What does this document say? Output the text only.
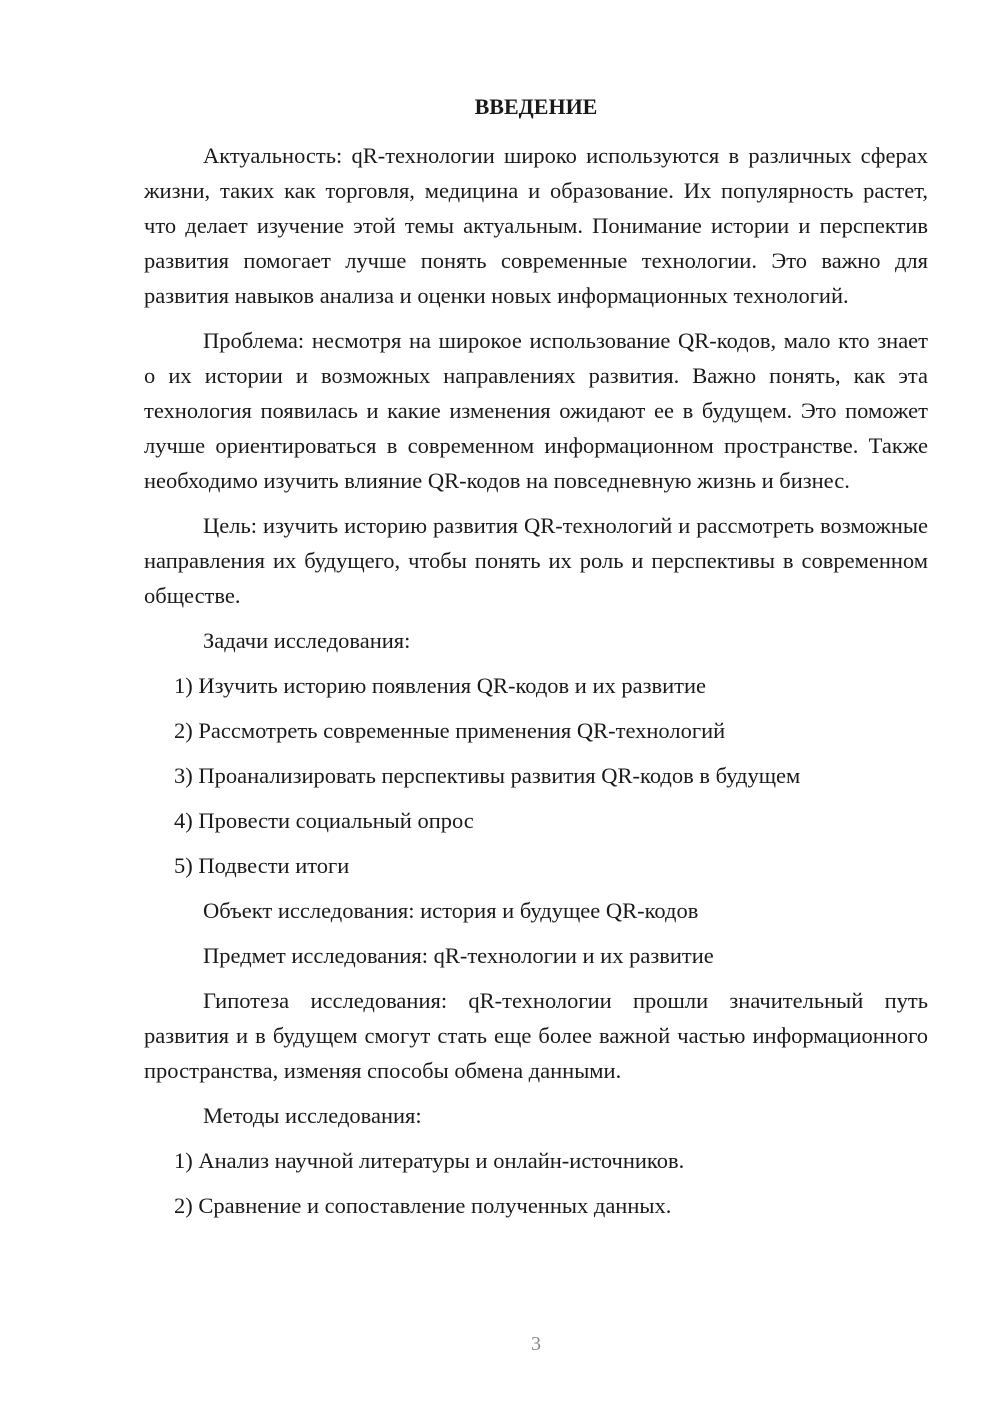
ВВЕДЕНИЕ

Актуальность: qR-технологии широко используются в различных сферах жизни, таких как торговля, медицина и образование. Их популярность растет, что делает изучение этой темы актуальным. Понимание истории и перспектив развития помогает лучше понять современные технологии. Это важно для развития навыков анализа и оценки новых информационных технологий.

Проблема: несмотря на широкое использование QR-кодов, мало кто знает о их истории и возможных направлениях развития. Важно понять, как эта технология появилась и какие изменения ожидают ее в будущем. Это поможет лучше ориентироваться в современном информационном пространстве. Также необходимо изучить влияние QR-кодов на повседневную жизнь и бизнес.

Цель: изучить историю развития QR-технологий и рассмотреть возможные направления их будущего, чтобы понять их роль и перспективы в современном обществе.

Задачи исследования:
1) Изучить историю появления QR-кодов и их развитие
2) Рассмотреть современные применения QR-технологий
3) Проанализировать перспективы развития QR-кодов в будущем
4) Провести социальный опрос
5) Подвести итоги
Объект исследования: история и будущее QR-кодов
Предмет исследования: qR-технологии и их развитие

Гипотеза исследования: qR-технологии прошли значительный путь развития и в будущем смогут стать еще более важной частью информационного пространства, изменяя способы обмена данными.

Методы исследования:
1) Анализ научной литературы и онлайн-источников.
2) Сравнение и сопоставление полученных данных.
3
